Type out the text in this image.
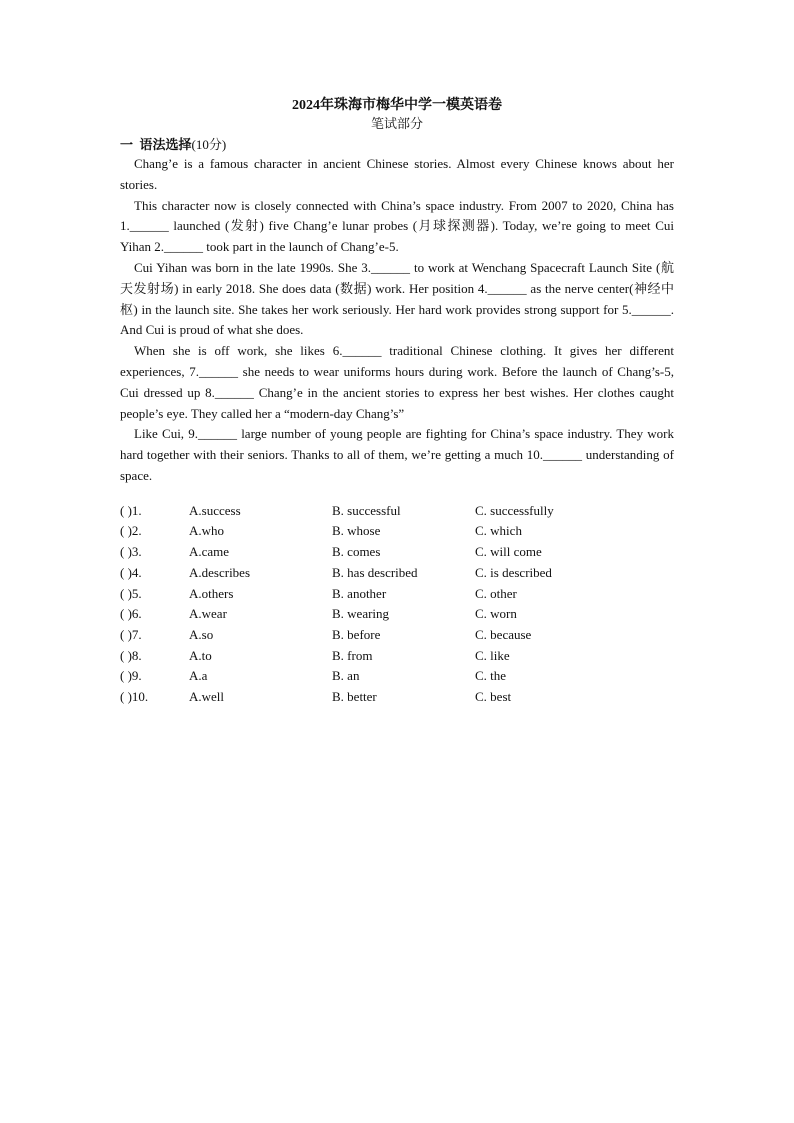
2024年珠海市梅华中学一模英语卷

笔试部分

一 语法选择(10分)

Chang’e is a famous character in ancient Chinese stories. Almost every Chinese knows about her stories.

This character now is closely connected with China’s space industry. From 2007 to 2020, China has 1.______ launched (发射) five Chang’e lunar probes (月球探测器). Today, we’re going to meet Cui Yihan 2.______ took part in the launch of Chang’e-5.

Cui Yihan was born in the late 1990s. She 3.______ to work at Wenchang Spacecraft Launch Site (航天发射场) in early 2018. She does data (数据) work. Her position 4.______ as the nerve center(神经中枢) in the launch site. She takes her work seriously. Her hard work provides strong support for 5.______. And Cui is proud of what she does.

When she is off work, she likes 6.______ traditional Chinese clothing. It gives her different experiences, 7.______ she needs to wear uniforms hours during work. Before the launch of Chang’s-5, Cui dressed up 8.______ Chang’e in the ancient stories to express her best wishes. Her clothes caught people’s eye. They called her a “modern-day Chang’s”

Like Cui, 9.______ large number of young people are fighting for China’s space industry. They work hard together with their seniors. Thanks to all of them, we’re getting a much 10.______ understanding of space.

( )1.	A.success	B. successful	C. successfully
( )2.	A.who	B. whose	C. which
( )3.	A.came	B. comes	C. will come
( )4.	A.describes	B. has described	C. is described
( )5.	A.others	B. another	C. other
( )6.	A.wear	B. wearing	C. worn
( )7.	A.so	B. before	C. because
( )8.	A.to	B. from	C. like
( )9.	A.a	B. an	C. the
( )10.	A.well	B. better	C. best
